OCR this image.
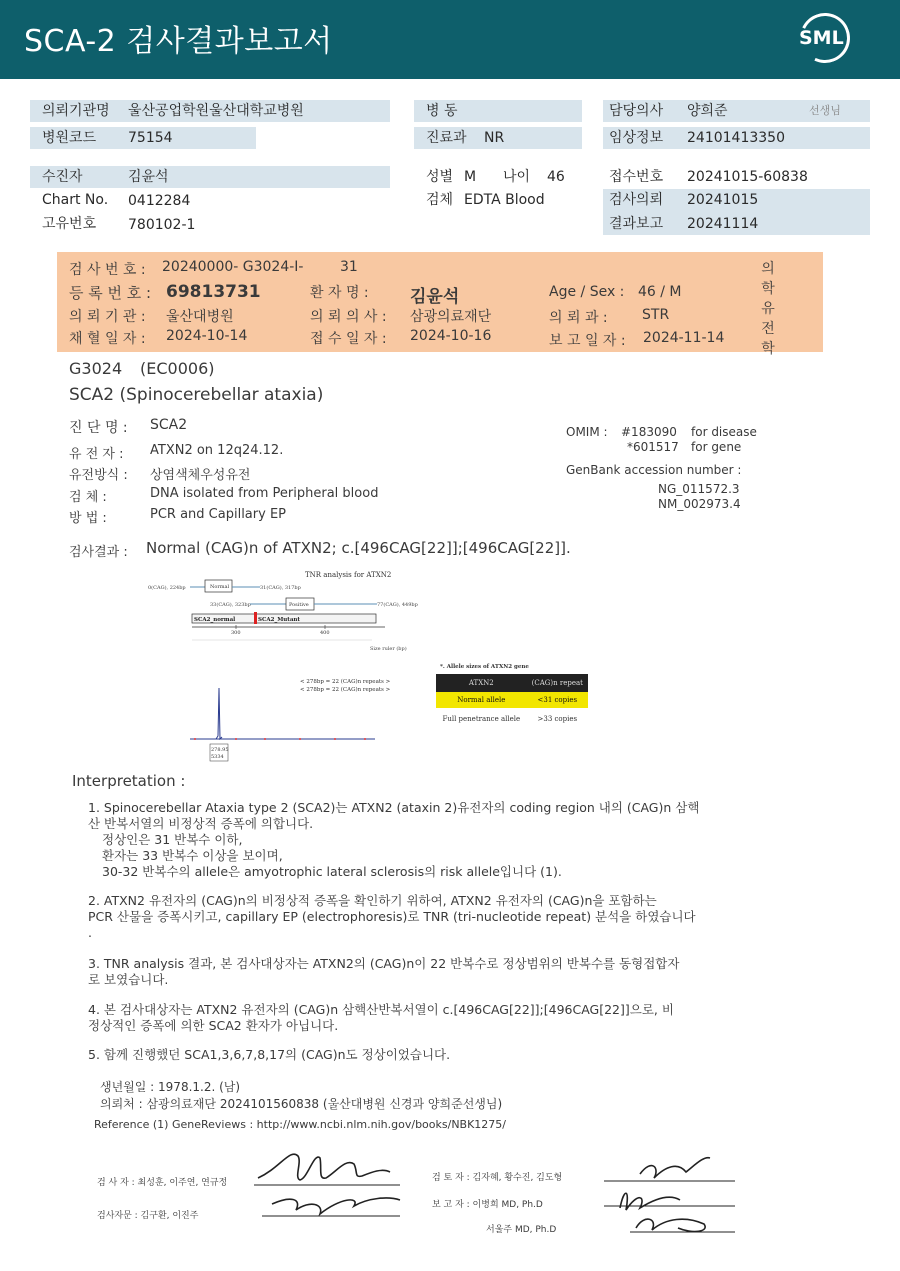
SCA-2 검사결과보고서	SML
의뢰기관명 울산공업학원울산대학교병원	병 동	담당의사 양희준	선생님
병원코드 75154	진료과 NR	임상정보 24101413350
수진자	김윤석	성별 M 나이 46	접수번호 20241015-60838
Chart No. 0412284	검체 EDTA Blood	검사의뢰 20241015
결과보고 20241114
고유번호 780102-1
검 사 번 호 : 20240000- G3024-I-	31
등 록 번 호 : 69813731	환 자 명 : 김윤석	Age / Sex : 46 / M
의 뢰 기 관 : 울산대병원	의 뢰 의 사 : 삼광의료재단	의 뢰 과 : STR
채 혈 일 자 : 2024-10-14	접 수 일 자 : 2024-10-16	보 고 일 자 : 2024-11-14
의
학
유
전
학
G3024 (EC0006)
SCA2 (Spinocerebellar ataxia)
진 단 명 : SCA2
유 전 자 : ATXN2 on 12q24.12.
유전방식 : 상염색체우성유전
검 체 :	DNA isolated from Peripheral blood
방 법 :	PCR and Capillary EP
OMIM : #183090 for disease
*601517 for gene
GenBank accession number :
NG_011572.3
NM_002973.4
검사결과 : Normal (CAG)n of ATXN2; c.[496CAG[22]];[496CAG[22]].
TNR analysis for ATXN2
0(CAG), 224bp	Normal	31(CAG), 317bp
33(CAG), 323bp	Positive	77(CAG), 449bp
SCA2_normal	SCA2_Mutant
300	400
Size ruler (bp)
< 278bp = 22 (CAG)n repeats >
< 278bp = 22 (CAG)n repeats >
278.95
5334
*. Allele sizes of ATXN2 gene
ATXN2	(CAG)n repeat
Normal allele	<31 copies
Full penetrance allele	>33 copies
Interpretation :
1. Spinocerebellar Ataxia type 2 (SCA2)는 ATXN2 (ataxin 2)유전자의 coding region 내의 (CAG)n 삼핵
산 반복서열의 비정상적 증폭에 의합니다.
정상인은 31 반복수 이하,
환자는 33 반복수 이상을 보이며,
30-32 반복수의 allele은 amyotrophic lateral sclerosis의 risk allele입니다 (1).
2. ATXN2 유전자의 (CAG)n의 비정상적 증폭을 확인하기 위하여, ATXN2 유전자의 (CAG)n을 포함하는
PCR 산물을 증폭시키고, capillary EP (electrophoresis)로 TNR (tri-nucleotide repeat) 분석을 하였습니다
.
3. TNR analysis 결과, 본 검사대상자는 ATXN2의 (CAG)n이 22 반복수로 정상범위의 반복수를 동형접합자
로 보였습니다.
4. 본 검사대상자는 ATXN2 유전자의 (CAG)n 삼핵산반복서열이 c.[496CAG[22]];[496CAG[22]]으로, 비
정상적인 증폭에 의한 SCA2 환자가 아닙니다.
5. 함께 진행했던 SCA1,3,6,7,8,17의 (CAG)n도 정상이었습니다.
생년월일 : 1978.1.2. (남)
의뢰처 : 삼광의료재단 2024101560838 (울산대병원 신경과 양희준선생님)
Reference (1) GeneReviews : http://www.ncbi.nlm.nih.gov/books/NBK1275/
검 사 자 : 최성훈, 이주연, 연규정
검사자문 : 김구환, 이진주
검 토 자 : 김자혜, 황수진, 김도형
보 고 자 : 이병희 MD, Ph.D
서울주 MD, Ph.D
